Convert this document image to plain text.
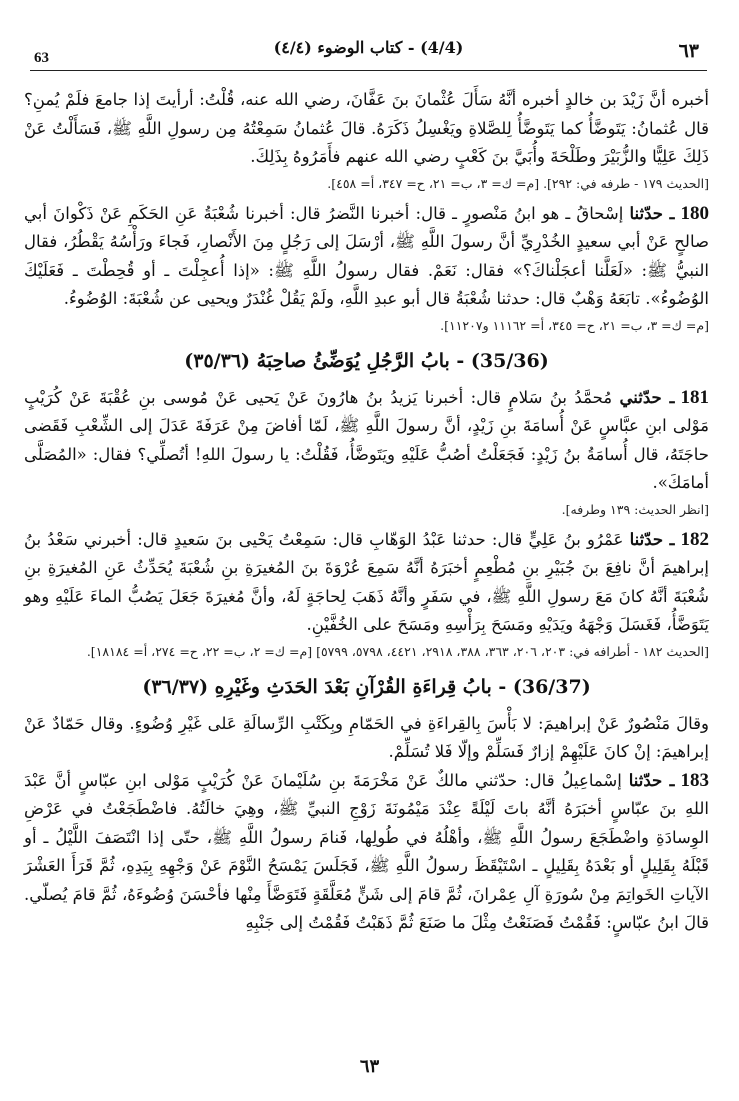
63
(4/4) - كتاب الوضوء (٤/٤)	٦٣

أخبره أنَّ زَيْدَ بن خالدٍ أخبره أنَّهُ سَأَلَ عُثْمانَ بنَ عَفَّانَ، رضي الله عنه، قُلْتُ: أرأيتَ إذا جامعَ فلَمْ يُمنِ؟ قال عُثمانُ: يَتَوضَّأُ كما يَتَوضَّأُ لِلصَّلاةِ ويَغْسِلُ ذَكَرَهُ. قالَ عُثمانُ سَمِعْتُهُ مِن رسولِ اللَّهِ ﷺ، فَسَأَلْتُ عَنْ ذَلِكَ عَلِيًّا والزُّبَيْرَ وطَلْحَةَ وأُبَيَّ بنَ كَعْبٍ رضي الله عنهم فأَمَرُوهُ بِذَلِكَ.

[الحديث ١٧٩ - طرفه في: ٢٩٢]. [م= ك= ٣، ب= ٢١، ح= ٣٤٧، أ= ٤٥٨].

180ـ حدّثنا إسْحاقُ ـ هو ابنُ مَنْصورٍ ـ قال: أخبرنا النَّضرُ قال: أخبرنا شُعْبَةُ عَنِ الحَكَمِ عَنْ ذَكْوانَ أبي صالحٍ عَنْ أبي سعيدٍ الخُدْرِيِّ أنَّ رسولَ اللَّهِ ﷺ، أرْسَلَ إلى رَجُلٍ مِنَ الأَنْصارِ، فَجاءَ ورَأْسُهُ يَقْطُرُ، فقال النبيُّ ﷺ: «لَعَلَّنا أعجَلْناكَ؟» فقال: نَعَمْ. فقال رسولُ اللَّهِ ﷺ: «إذا أُعجِلْتَ ـ أو قُحِطْتَ ـ فَعَلَيْكَ الوُضُوءُ». تابَعَهُ وَهْبٌ قال: حدثنا شُعْبَةُ قال أبو عبدِ اللَّهِ، ولَمْ يَقُلْ غُنْدَرٌ ويحيى عن شُعْبَةَ: الوُضُوءُ.

[م= ك= ٣، ب= ٢١، ح= ٣٤٥، أ= ١١١٦٢ و١١٢٠٧].

(35/36) - بابُ الرَّجُلِ يُوَضِّئُ صاحِبَهُ (٣٥/٣٦)

181ـ حدّثني مُحمَّدُ بنُ سَلامٍ قال: أخبرنا يَزيدُ بنُ هارُونَ عَنْ يَحيى عَنْ مُوسى بنِ عُقْبَةَ عَنْ كُرَيْبٍ مَوْلى ابنِ عبَّاسٍ عَنْ أُسامَةَ بنِ زَيْدٍ، أنَّ رسولَ اللَّهِ ﷺ، لَمّا أفاضَ مِنْ عَرَفَةَ عَدَلَ إلى الشِّعْبِ فَقَضى حاجَتَهُ، قال أُسامَةُ بنُ زَيْدٍ: فَجَعَلْتُ أصُبُّ عَلَيْهِ ويَتَوضَّأُ، فَقُلْتُ: يا رسولَ اللهِ! أتُصلِّي؟ فقال: «المُصَلَّى أمامَكَ».

[انظر الحديث: ١٣٩ وطرفه].

182ـ حدّثنا عَمْرُو بنُ عَلِيٍّ قال: حدثنا عَبْدُ الوَهّابِ قال: سَمِعْتُ يَحْيى بنَ سَعيدٍ قال: أخبرني سَعْدُ بنُ إبراهيمَ أنَّ نافِعَ بنَ جُبَيْرِ بنِ مُطْعِمٍ أخبَرَهُ أنَّهُ سَمِعَ عُرْوَةَ بنَ المُغيرَةِ بنِ شُعْبَةَ يُحَدِّثُ عَنِ المُغيرَةِ بنِ شُعْبَةَ أنَّهُ كانَ مَعَ رسولِ اللَّهِ ﷺ، في سَفَرٍ وأنَّهُ ذَهَبَ لِحاجَةٍ لَهُ، وأنَّ مُغيرَةَ جَعَلَ يَصُبُّ الماءَ عَلَيْهِ وهو يَتَوَضَّأُ، فَغَسَلَ وَجْهَهُ ويَدَيْهِ ومَسَحَ بِرَأْسِهِ ومَسَحَ على الخُفَّيْنِ.

[الحديث ١٨٢ - أطرافه في: ٢٠٣، ٢٠٦، ٣٦٣، ٣٨٨، ٢٩١٨، ٤٤٢١، ٥٧٩٨، ٥٧٩٩] [م= ك= ٢، ب= ٢٢، ح= ٢٧٤، أ= ١٨١٨٤].

(36/37) - بابُ قِراءَةِ القُرْآنِ بَعْدَ الحَدَثِ وغَيْرِهِ (٣٦/٣٧)

وقالَ مَنْصُورٌ عَنْ إبراهيمَ: لا بَأْسَ بِالقِراءَةِ في الحَمّامِ وبِكَتْبِ الرِّسالَةِ عَلى غَيْرِ وُضُوءٍ. وقال حَمّادٌ عَنْ إبراهيمَ: إنْ كانَ عَلَيْهِمْ إزارٌ فَسَلِّمْ وإلّا فَلا تُسَلِّمْ.

183ـ حدّثنا إسْماعِيلُ قال: حدّثني مالكٌ عَنْ مَخْرَمَةَ بنِ سُلَيْمانَ عَنْ كُرَيْبٍ مَوْلى ابنِ عبّاسٍ أنَّ عَبْدَ اللهِ بنَ عبّاسٍ أخبَرَهُ أنَّهُ باتَ لَيْلَةً عِنْدَ مَيْمُونَةَ زَوْجِ النبيِّ ﷺ، وهِيَ خالَتُهُ. فاضْطَجَعْتُ في عَرْضِ الوِسادَةِ واضْطَجَعَ رسولُ اللَّهِ ﷺ، وأهْلُهُ في طُولِها، فَنامَ رسولُ اللَّهِ ﷺ، حتّى إذا انْتَصَفَ اللَّيْلُ ـ أو قَبْلَهُ بِقَلِيلٍ أو بَعْدَهُ بِقَلِيلٍ ـ اسْتَيْقَظَ رسولُ اللَّهِ ﷺ، فَجَلَسَ يَمْسَحُ النَّوْمَ عَنْ وَجْهِهِ بِيَدِهِ، ثُمَّ قَرَأَ العَشْرَ الآياتِ الخَواتِمَ مِنْ سُورَةِ آلِ عِمْرانَ، ثُمَّ قامَ إلى شَنٍّ مُعَلَّقَةٍ فَتَوَضَّأَ مِنْها فأحْسَنَ وُضُوءَهُ، ثُمَّ قامَ يُصلّي. قالَ ابنُ عبّاسٍ: فَقُمْتُ فَصَنَعْتُ مِثْلَ ما صَنَعَ ثُمَّ ذَهَبْتُ فَقُمْتُ إلى جَنْبِهِ

٦٣
